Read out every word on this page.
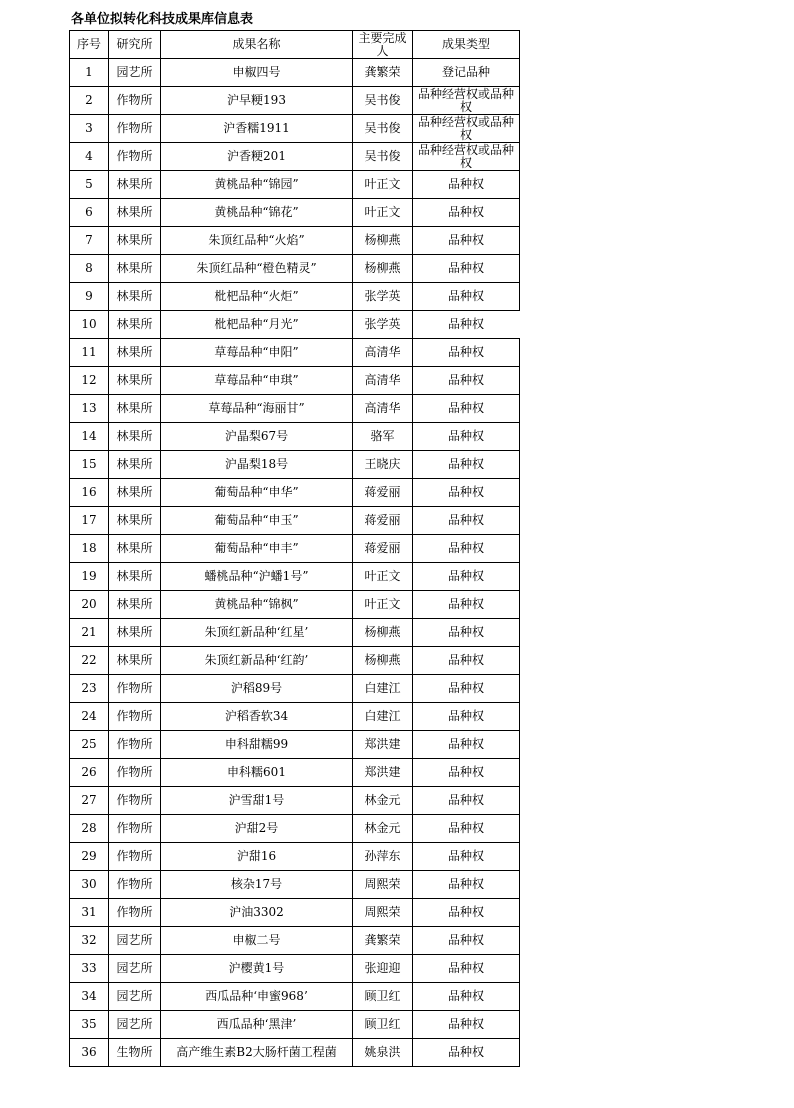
各单位拟转化科技成果库信息表
序号	研究所	成果名称	主要完成人	成果类型
1	园艺所	申椒四号	龚繁荣	登记品种
2	作物所	沪早粳193	吴书俊	品种经营权或品种权
3	作物所	沪香糯1911	吴书俊	品种经营权或品种权
4	作物所	沪香粳201	吴书俊	品种经营权或品种权
5	林果所	黄桃品种“锦园”	叶正文	品种权
6	林果所	黄桃品种“锦花”	叶正文	品种权
7	林果所	朱顶红品种“火焰”	杨柳燕	品种权
8	林果所	朱顶红品种“橙色精灵”	杨柳燕	品种权
9	林果所	枇杷品种“火炬”	张学英	品种权
10	林果所	枇杷品种“月光”	张学英	品种权
11	林果所	草莓品种“申阳”	高清华	品种权
12	林果所	草莓品种“申琪”	高清华	品种权
13	林果所	草莓品种“海丽甘”	高清华	品种权
14	林果所	沪晶梨67号	骆军	品种权
15	林果所	沪晶梨18号	王晓庆	品种权
16	林果所	葡萄品种“申华”	蒋爱丽	品种权
17	林果所	葡萄品种“申玉”	蒋爱丽	品种权
18	林果所	葡萄品种“申丰”	蒋爱丽	品种权
19	林果所	蟠桃品种“沪蟠1号”	叶正文	品种权
20	林果所	黄桃品种“锦枫”	叶正文	品种权
21	林果所	朱顶红新品种‘红星’	杨柳燕	品种权
22	林果所	朱顶红新品种‘红韵’	杨柳燕	品种权
23	作物所	沪稻89号	白建江	品种权
24	作物所	沪稻香软34	白建江	品种权
25	作物所	申科甜糯99	郑洪建	品种权
26	作物所	申科糯601	郑洪建	品种权
27	作物所	沪雪甜1号	林金元	品种权
28	作物所	沪甜2号	林金元	品种权
29	作物所	沪甜16	孙萍东	品种权
30	作物所	核杂17号	周熙荣	品种权
31	作物所	沪油3302	周熙荣	品种权
32	园艺所	申椒二号	龚繁荣	品种权
33	园艺所	沪樱黄1号	张迎迎	品种权
34	园艺所	西瓜品种‘申蜜968’	顾卫红	品种权
35	园艺所	西瓜品种‘黑津’	顾卫红	品种权
36	生物所	高产维生素B2大肠杆菌工程菌	姚泉洪	品种权
